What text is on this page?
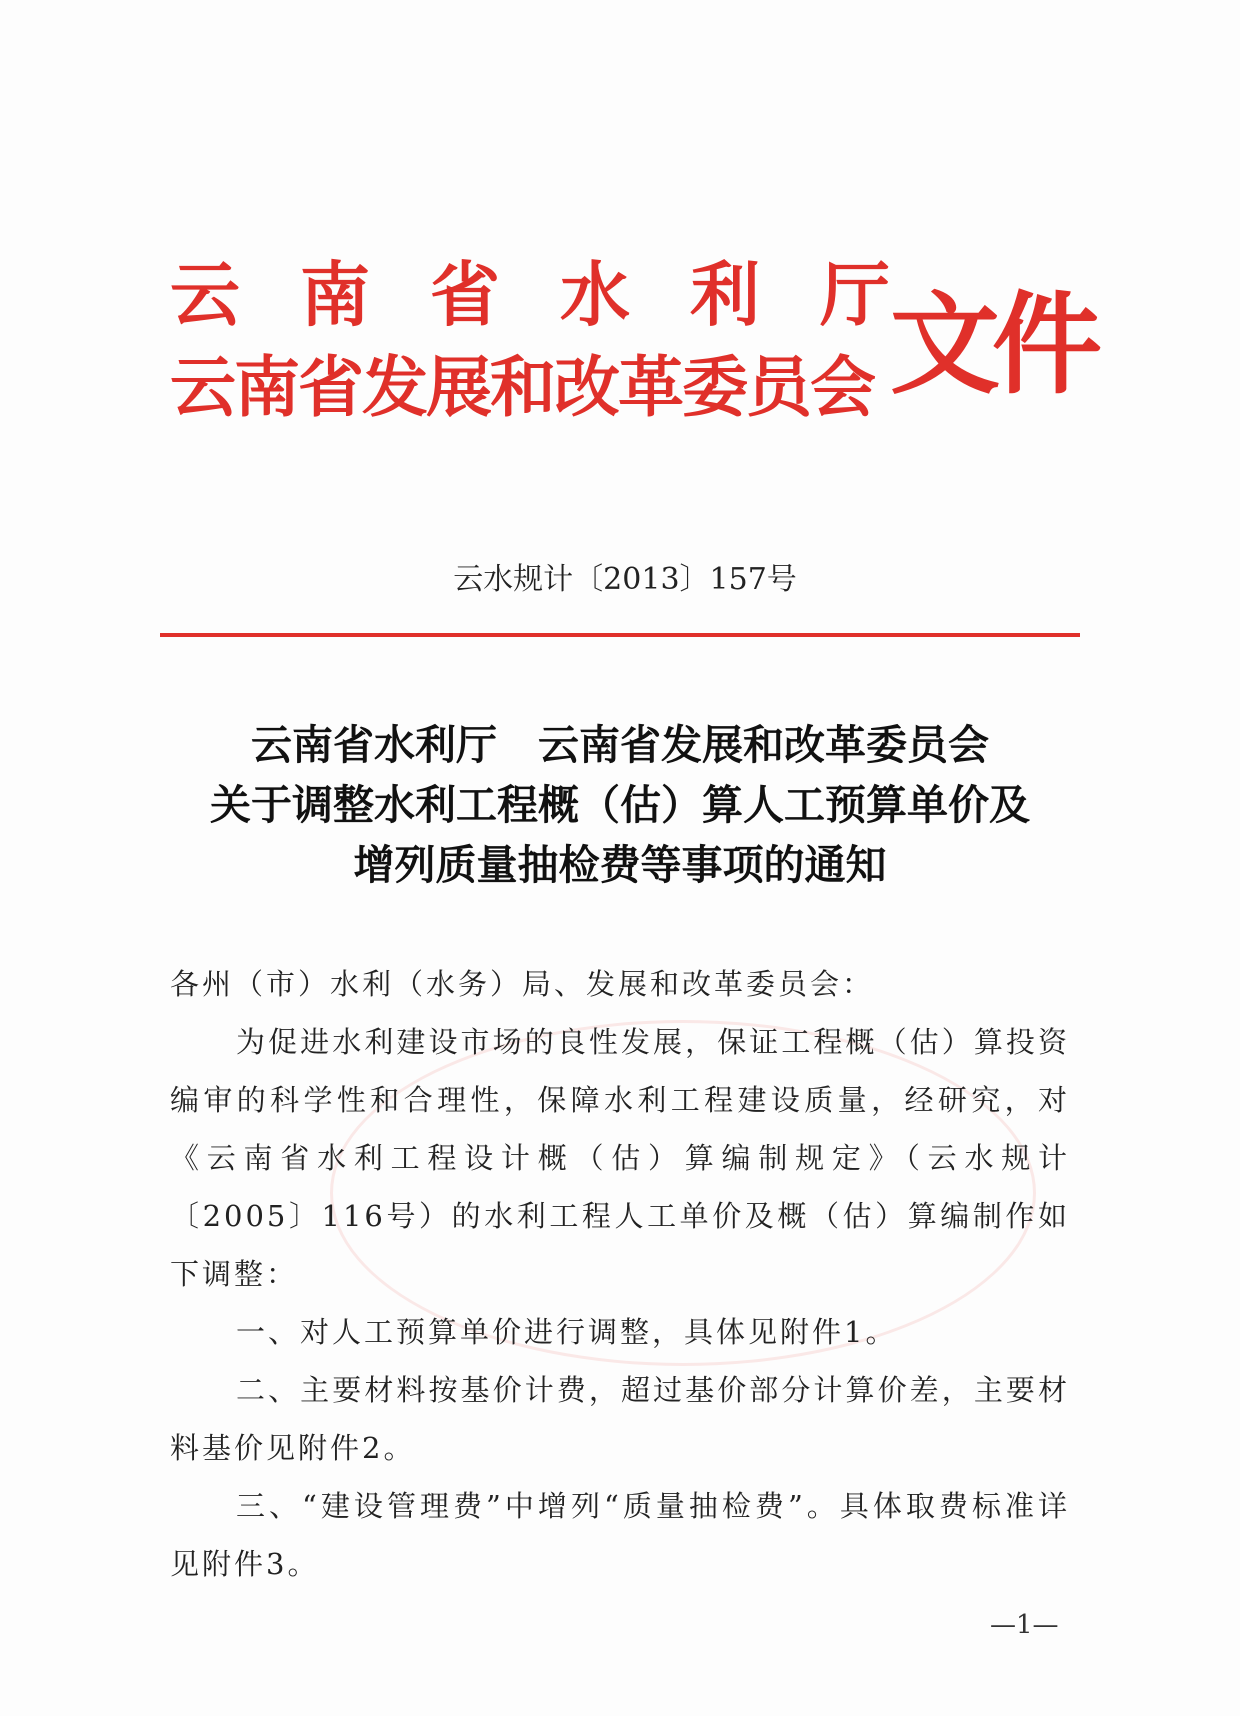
云 南 省 水 利 厅
云南省发展和改革委员会 文件
云水规计〔2013〕157号
云南省水利厅　云南省发展和改革委员会
关于调整水利工程概（估）算人工预算单价及
增列质量抽检费等事项的通知

各州（市）水利（水务）局、发展和改革委员会：

为促进水利建设市场的良性发展，保证工程概（估）算投资编审的科学性和合理性，保障水利工程建设质量，经研究，对《云南省水利工程设计概（估）算编制规定》（云水规计〔2005〕116号）的水利工程人工单价及概（估）算编制作如下调整：

一、对人工预算单价进行调整，具体见附件1。

二、主要材料按基价计费，超过基价部分计算价差，主要材料基价见附件2。

三、“建设管理费”中增列“质量抽检费”。具体取费标准详见附件3。

—1—
